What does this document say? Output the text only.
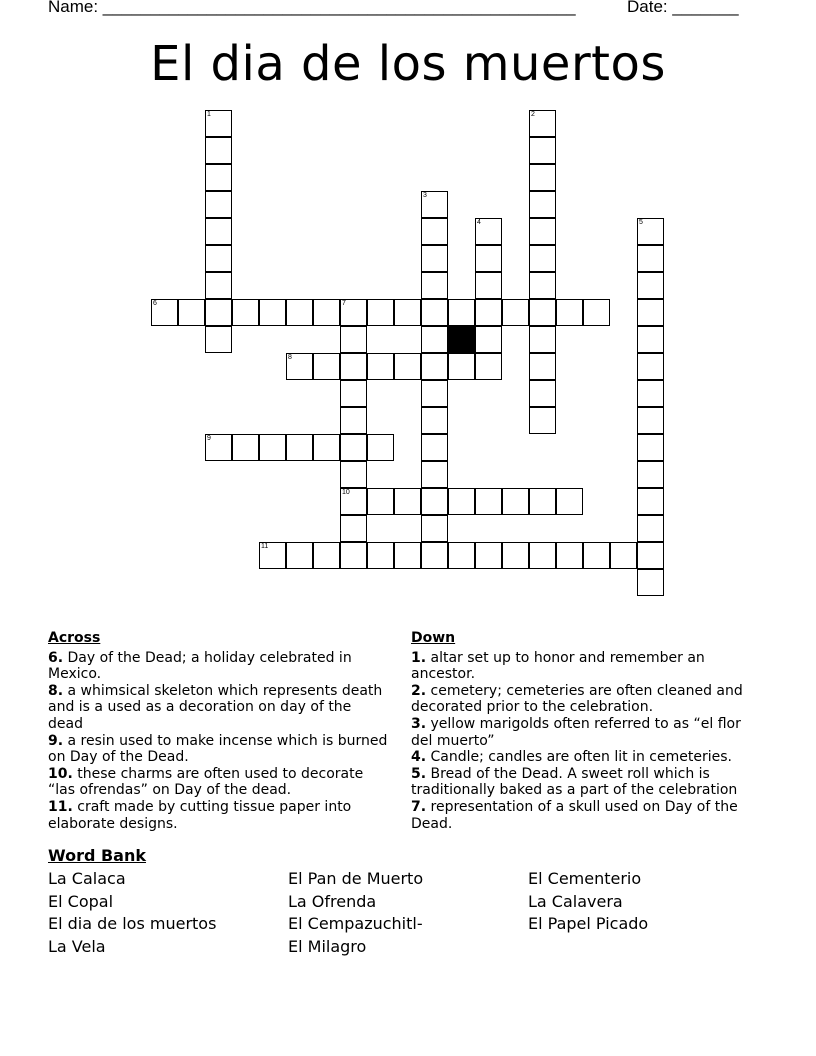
Name: __________________________________________________	Date: _______
El dia de los muertos
1	2
3
4	5
6	7
10
8
9
11
Across
6. Day of the Dead; a holiday celebrated in Mexico.
8. a whimsical skeleton which represents death and is a used as a decoration on day of the dead
9. a resin used to make incense which is burned on Day of the Dead.
10. these charms are often used to decorate “las ofrendas” on Day of the dead.
11. craft made by cutting tissue paper into elaborate designs.
Down
1. altar set up to honor and remember an ancestor.
2. cemetery; cemeteries are often cleaned and decorated prior to the celebration.
3. yellow marigolds often referred to as “el flor del muerto”
4. Candle; candles are often lit in cemeteries.
5. Bread of the Dead. A sweet roll which is traditionally baked as a part of the celebration
7. representation of a skull used on Day of the Dead.
Word Bank
La Calaca
El Copal
El dia de los muertos
La Vela
El Pan de Muerto
La Ofrenda
El Cempazuchitl-
El Milagro
El Cementerio
La Calavera
El Papel Picado
